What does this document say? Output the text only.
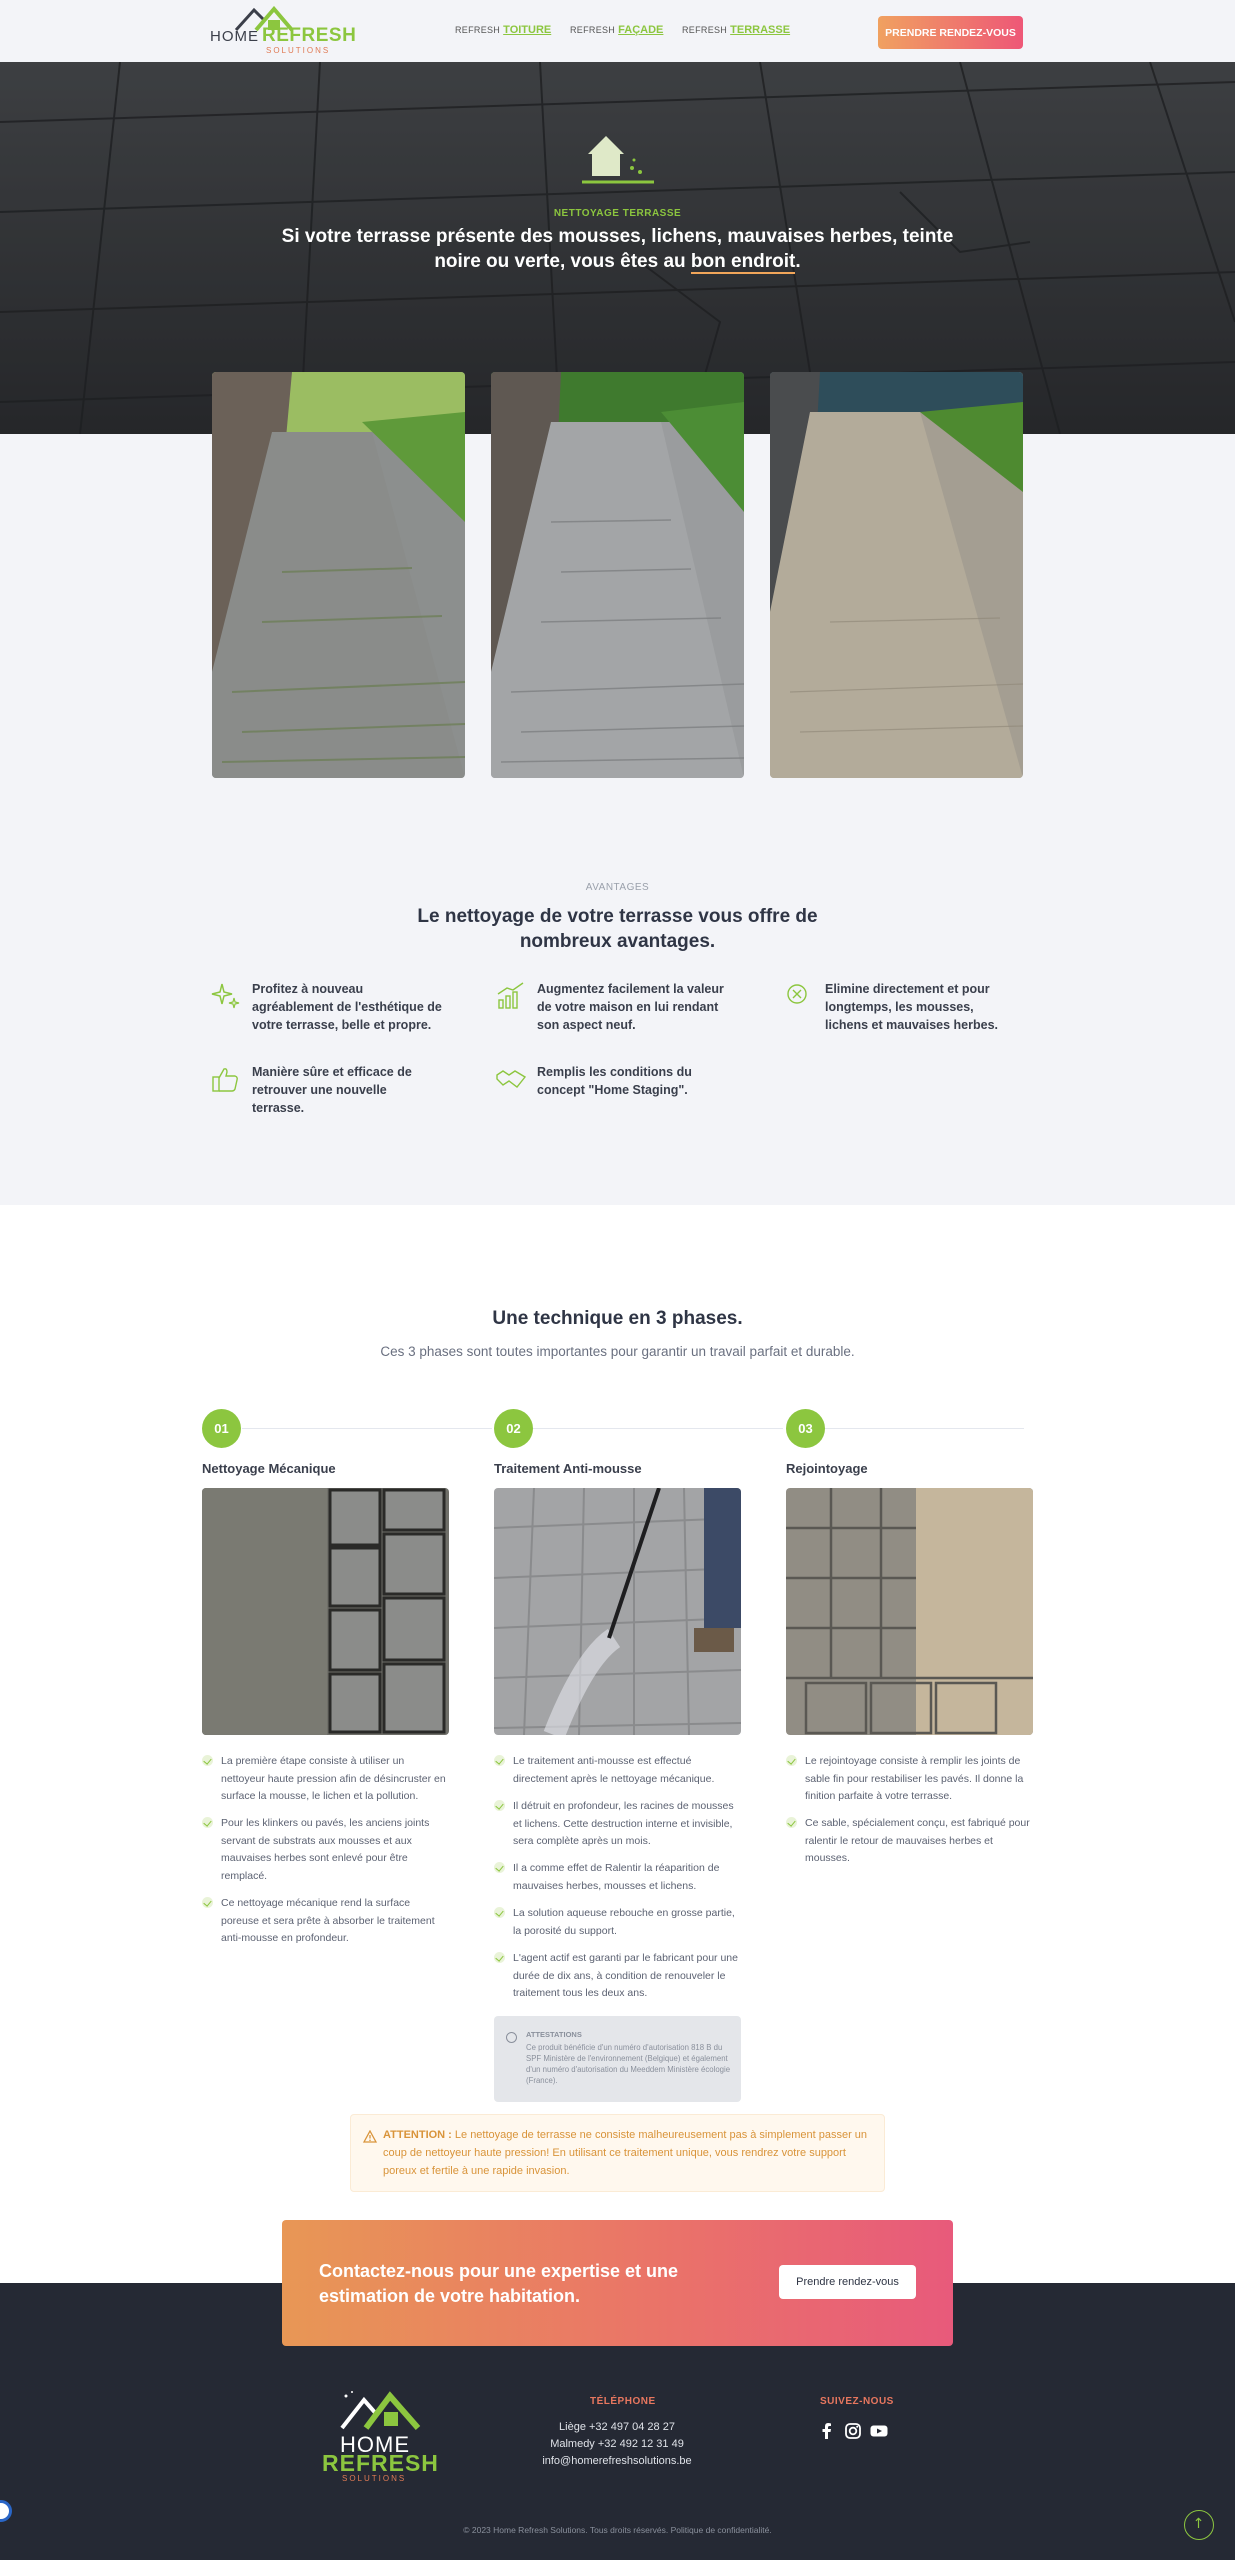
HOME REFRESH
SOLUTIONS
REFRESH TOITURE REFRESH FAÇADE REFRESH TERRASSE	PRENDRE RENDEZ-VOUS
NETTOYAGE TERRASSE
Si votre terrasse présente des mousses, lichens, mauvaises herbes, teinte noire ou verte, vous êtes au bon endroit.
AVANTAGES
Le nettoyage de votre terrasse vous offre de nombreux avantages.
Profitez à nouveau agréablement de l'esthétique de votre terrasse, belle et propre.
Augmentez facilement la valeur de votre maison en lui rendant son aspect neuf.
Elimine directement et pour longtemps, les mousses, lichens et mauvaises herbes.
Manière sûre et efficace de retrouver une nouvelle terrasse.
Remplis les conditions du concept "Home Staging".
Une technique en 3 phases.
Ces 3 phases sont toutes importantes pour garantir un travail parfait et durable.
01	02	03
Nettoyage Mécanique	Traitement Anti-mousse	Rejointoyage
La première étape consiste à utiliser un nettoyeur haute pression afin de désincruster en surface la mousse, le lichen et la pollution.
Pour les klinkers ou pavés, les anciens joints servant de substrats aux mousses et aux mauvaises herbes sont enlevé pour être remplacé.
Ce nettoyage mécanique rend la surface poreuse et sera prête à absorber le traitement anti-mousse en profondeur.
Le traitement anti-mousse est effectué directement après le nettoyage mécanique.
Il détruit en profondeur, les racines de mousses et lichens. Cette destruction interne et invisible, sera complète après un mois.
Il a comme effet de Ralentir la réaparition de mauvaises herbes, mousses et lichens.
La solution aqueuse rebouche en grosse partie, la porosité du support.
L'agent actif est garanti par le fabricant pour une durée de dix ans, à condition de renouveler le traitement tous les deux ans.
Le rejointoyage consiste à remplir les joints de sable fin pour restabiliser les pavés. Il donne la finition parfaite à votre terrasse.
Ce sable, spécialement conçu, est fabriqué pour ralentir le retour de mauvaises herbes et mousses.
ATTESTATIONS
Ce produit bénéficie d'un numéro d'autorisation 818 B du SPF Ministère de l'environnement (Belgique) et également d'un numéro d'autorisation du Meeddem Ministère écologie (France).
ATTENTION : Le nettoyage de terrasse ne consiste malheureusement pas à simplement passer un coup de nettoyeur haute pression! En utilisant ce traitement unique, vous rendrez votre support poreux et fertile à une rapide invasion.
Contactez-nous pour une expertise et une estimation de votre habitation.
Prendre rendez-vous
HOME
REFRESH
SOLUTIONS
TÉLÉPHONE
Liège +32 497 04 28 27
Malmedy +32 492 12 31 49
info@homerefreshsolutions.be
SUIVEZ-NOUS
© 2023 Home Refresh Solutions. Tous droits réservés. Politique de confidentialité.
↑
